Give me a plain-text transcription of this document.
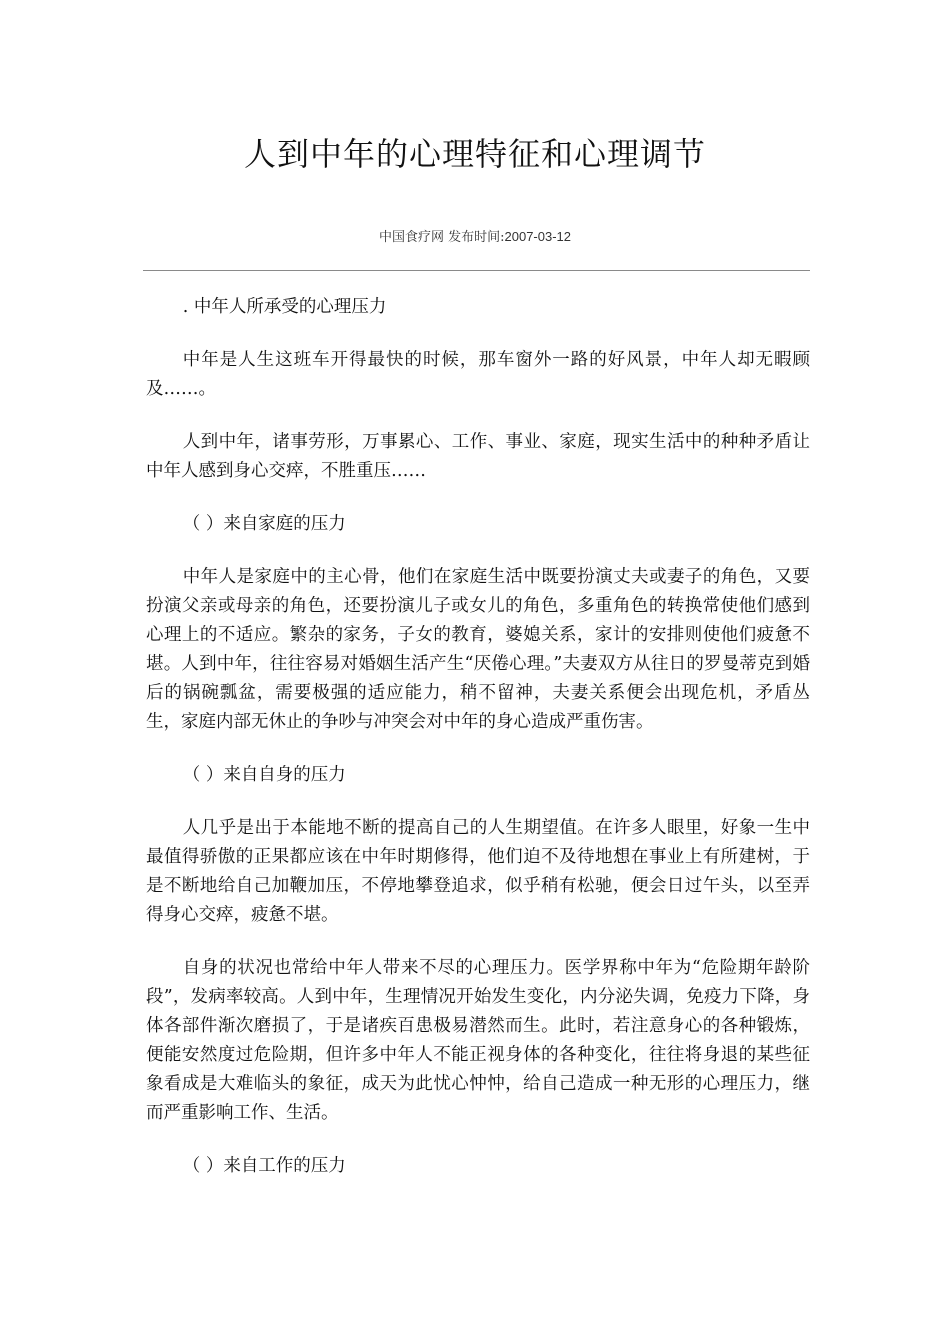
人到中年的心理特征和心理调节
中国食疗网 发布时间:2007-03-12

. 中年人所承受的心理压力

中年是人生这班车开得最快的时候，那车窗外一路的好风景，中年人却无暇顾及……。

人到中年，诸事劳形，万事累心、工作、事业、家庭，现实生活中的种种矛盾让中年人感到身心交瘁，不胜重压……

（ ）来自家庭的压力

中年人是家庭中的主心骨，他们在家庭生活中既要扮演丈夫或妻子的角色，又要扮演父亲或母亲的角色，还要扮演儿子或女儿的角色，多重角色的转换常使他们感到心理上的不适应。繁杂的家务，子女的教育，婆媳关系，家计的安排则使他们疲惫不堪。人到中年，往往容易对婚姻生活产生“厌倦心理。”夫妻双方从往日的罗曼蒂克到婚后的锅碗瓢盆，需要极强的适应能力，稍不留神，夫妻关系便会出现危机，矛盾丛生，家庭内部无休止的争吵与冲突会对中年的身心造成严重伤害。

（ ）来自自身的压力

人几乎是出于本能地不断的提高自己的人生期望值。在许多人眼里，好象一生中最值得骄傲的正果都应该在中年时期修得，他们迫不及待地想在事业上有所建树，于是不断地给自己加鞭加压，不停地攀登追求，似乎稍有松驰，便会日过午头，以至弄得身心交瘁，疲惫不堪。

自身的状况也常给中年人带来不尽的心理压力。医学界称中年为“危险期年龄阶段”，发病率较高。人到中年，生理情况开始发生变化，内分泌失调，免疫力下降，身体各部件渐次磨损了，于是诸疾百患极易潜然而生。此时，若注意身心的各种锻炼，便能安然度过危险期，但许多中年人不能正视身体的各种变化，往往将身退的某些征象看成是大难临头的象征，成天为此忧心忡忡，给自己造成一种无形的心理压力，继而严重影响工作、生活。

（ ）来自工作的压力
